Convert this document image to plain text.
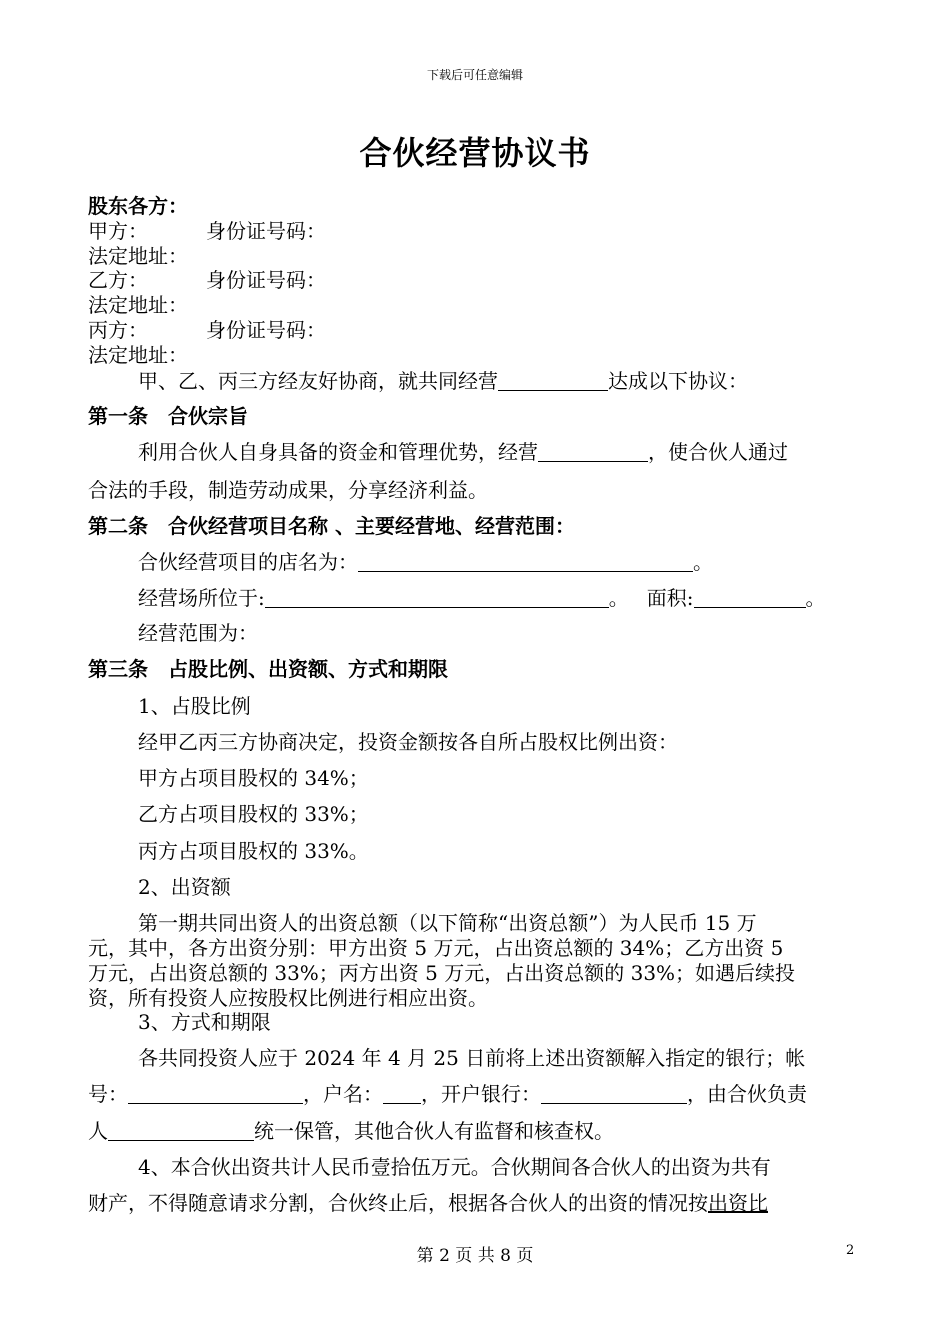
下载后可任意编辑
合伙经营协议书
股东各方：
甲方：	身份证号码：
法定地址：
乙方：	身份证号码：
法定地址：
丙方：	身份证号码：
法定地址：
甲、乙、丙三方经友好协商，就共同经营	达成以下协议：
第一条　合伙宗旨
利用合伙人自身具备的资金和管理优势，经营	，使合伙人通过
合法的手段，制造劳动成果，分享经济利益。
第二条　合伙经营项目名称 、主要经营地、经营范围：
合伙经营项目的店名为：	。
经营场所位于:	。 面积:	。
经营范围为：
第三条　占股比例、出资额、方式和期限
1、占股比例
经甲乙丙三方协商决定，投资金额按各自所占股权比例出资：
甲方占项目股权的 34%；
乙方占项目股权的 33%；
丙方占项目股权的 33%。
2、出资额
第一期共同出资人的出资总额（以下简称“出资总额”）为人民币 15 万
元，其中，各方出资分别：甲方出资 5 万元，占出资总额的 34%；乙方出资 5
万元，占出资总额的 33%；丙方出资 5 万元，占出资总额的 33%；如遇后续投
资，所有投资人应按股权比例进行相应出资。
3、方式和期限
各共同投资人应于 2024 年 4 月 25 日前将上述出资额解入指定的银行；帐
号：	，户名： ，开户银行：	，由合伙负责
人	统一保管，其他合伙人有监督和核查权。
4、本合伙出资共计人民币壹拾伍万元。合伙期间各合伙人的出资为共有
财产，不得随意请求分割，合伙终止后，根据各合伙人的出资的情况按出资比
第 2 页 共 8 页	2
